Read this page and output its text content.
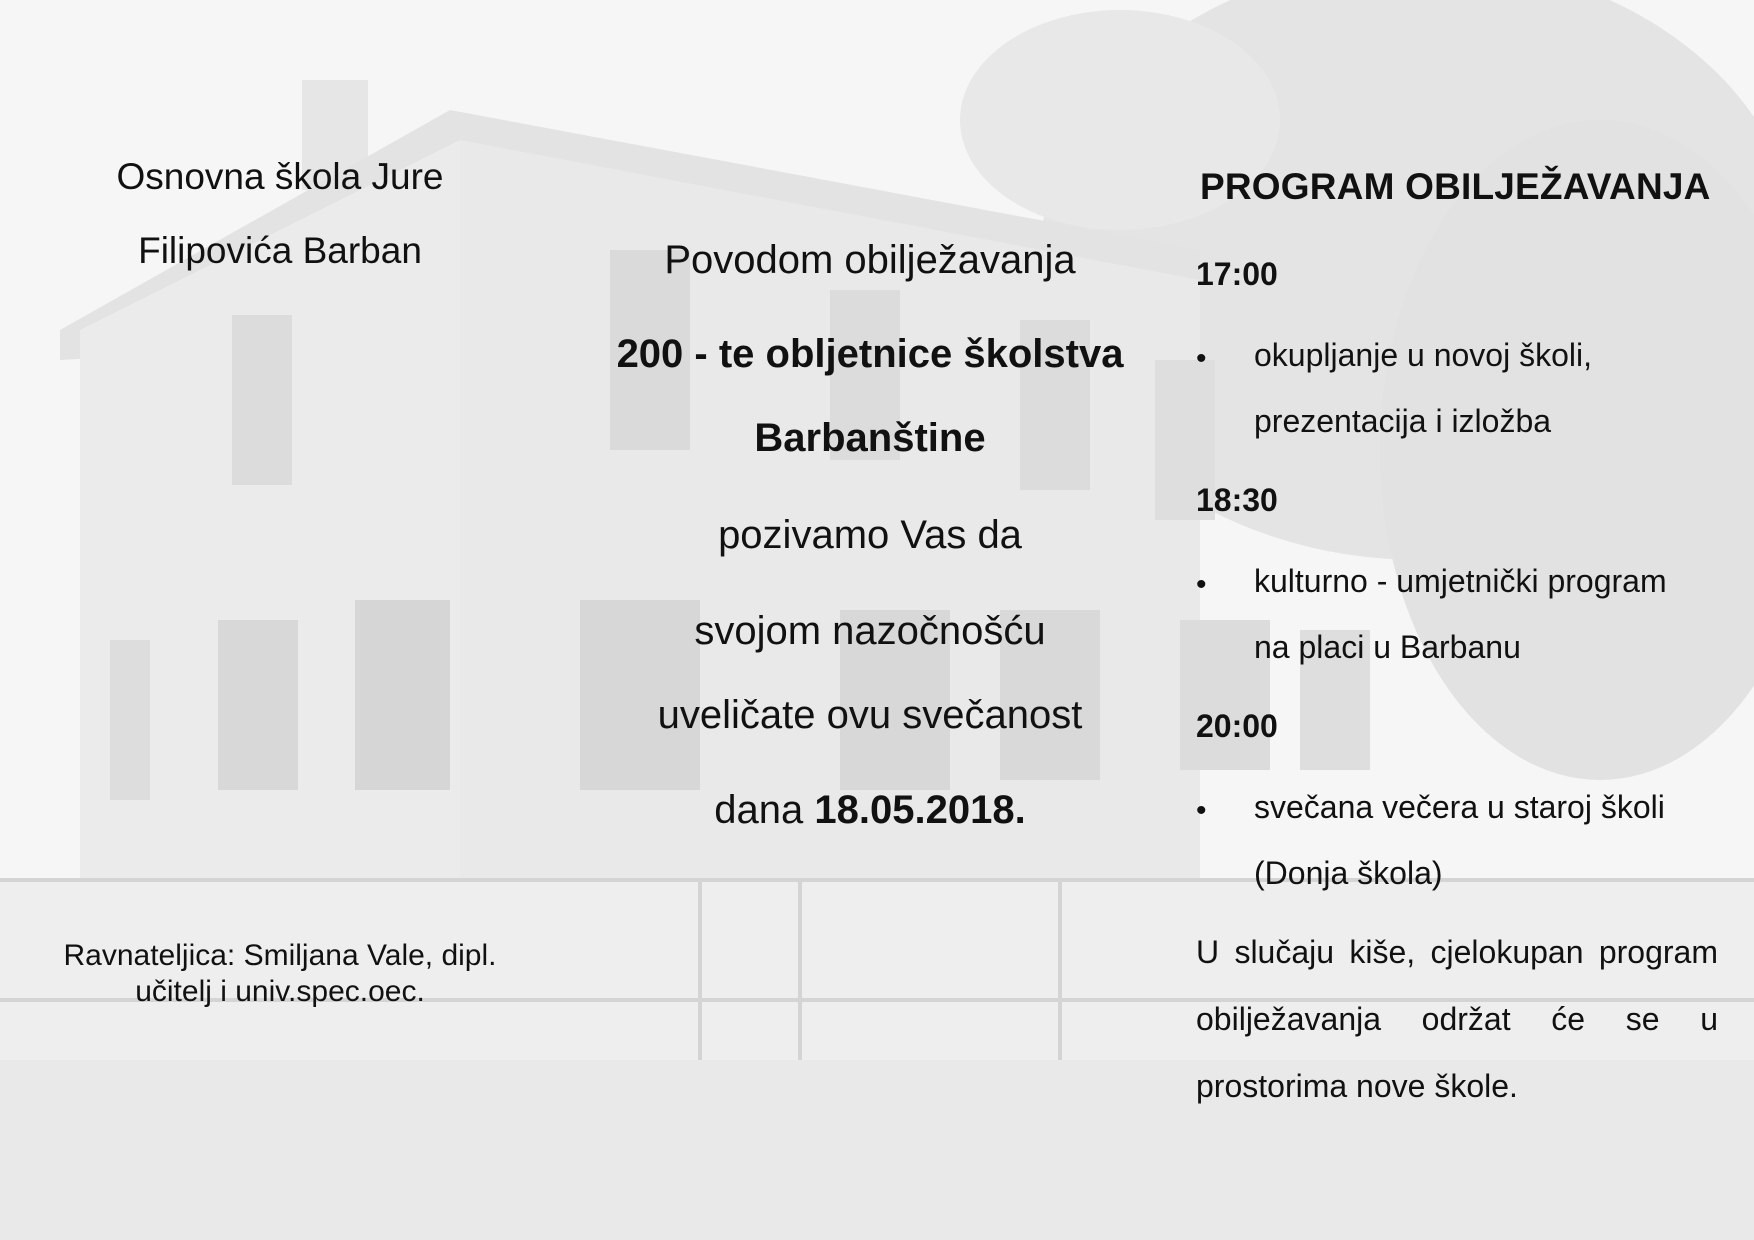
Osnovna škola Jure
Filipovića Barban
Ravnateljica: Smiljana Vale, dipl.
učitelj i univ.spec.oec.
Povodom obilježavanja
200 - te obljetnice školstva
Barbanštine
pozivamo Vas da
svojom nazočnošću
uveličate ovu svečanost
dana 18.05.2018.
PROGRAM OBILJEŽAVANJA
17:00
• okupljanje u novoj školi,
prezentacija i izložba
18:30
• kulturno - umjetnički program
na placi u Barbanu
20:00
• svečana večera u staroj školi
(Donja škola)
U slučaju kiše, cjelokupan program obilježavanja održat će se u prostorima nove škole.
